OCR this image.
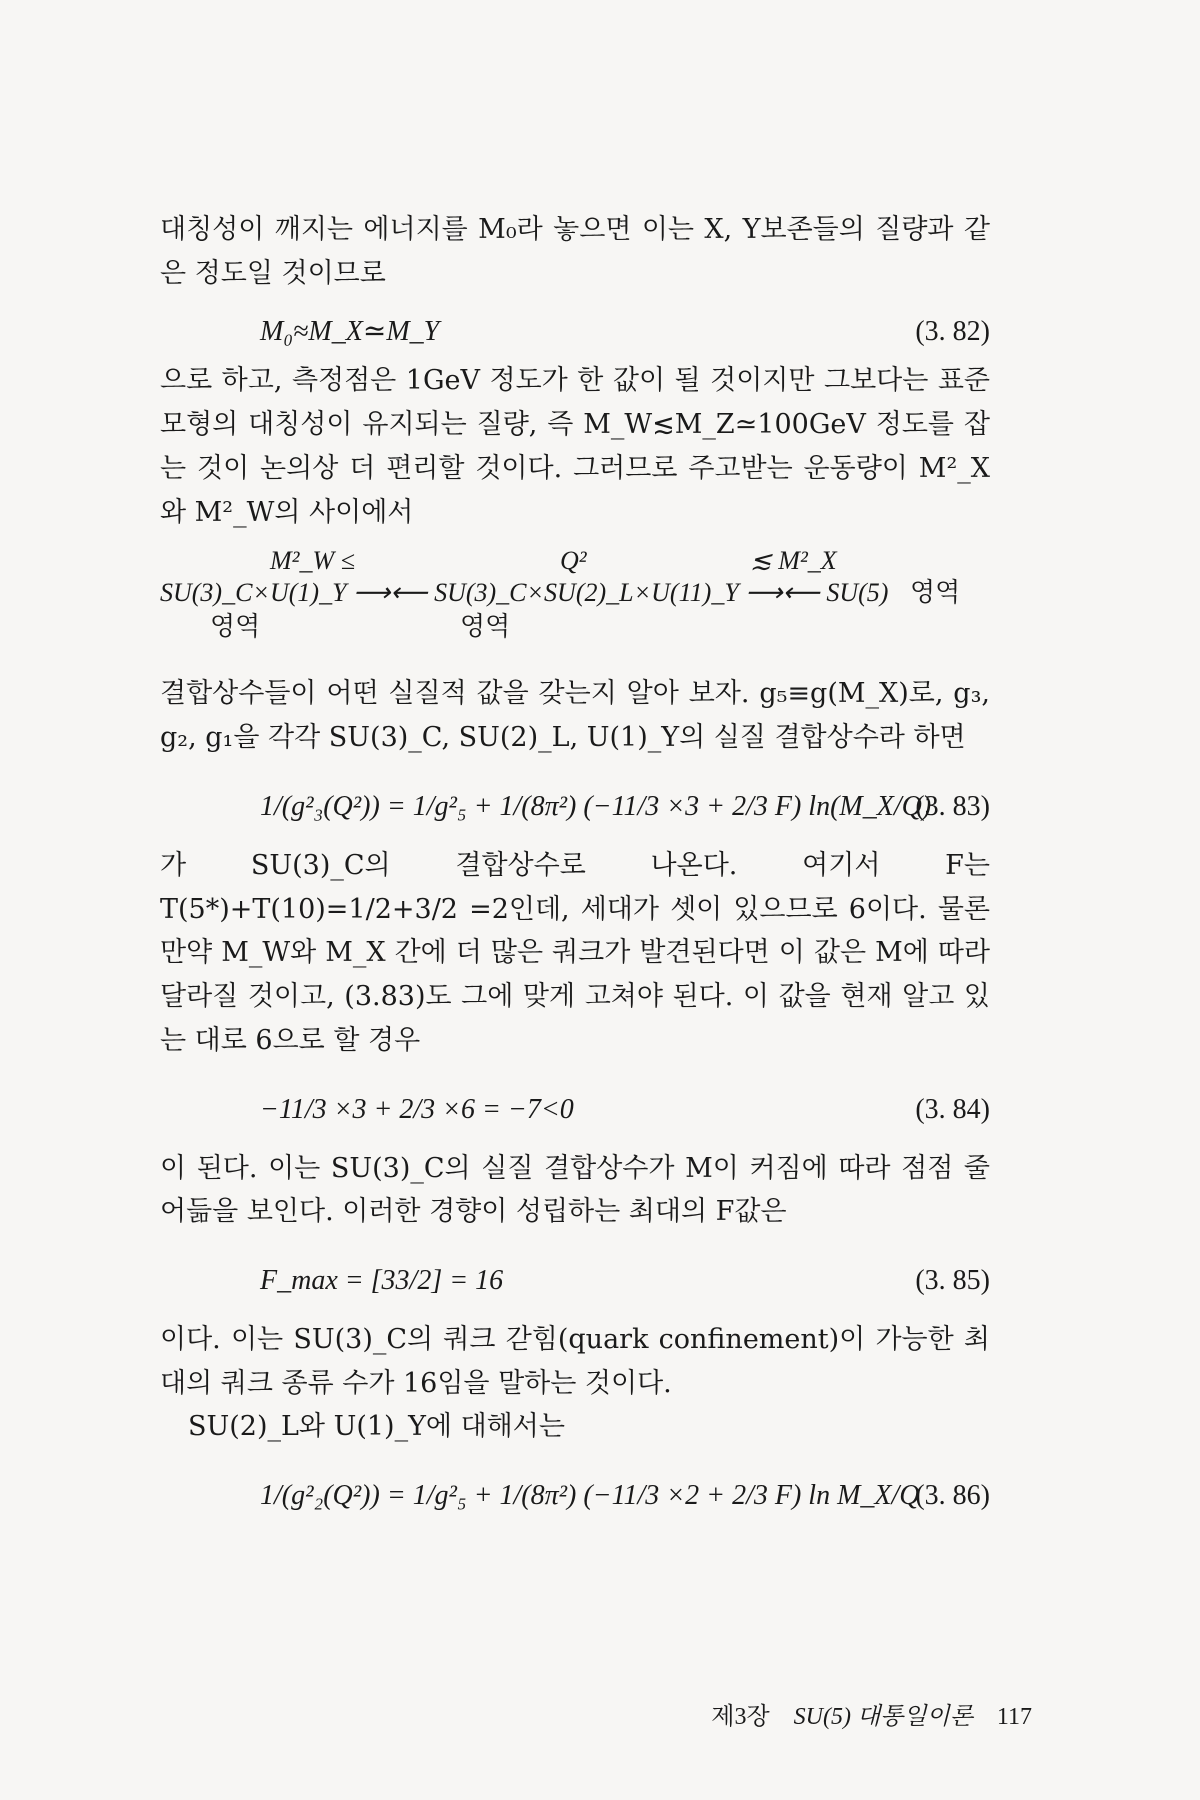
대칭성이 깨지는 에너지를 M₀라 놓으면 이는 X, Y보존들의 질량과 같은 정도일 것이므로

M₀≈M_X≃M_Y	(3. 82)

으로 하고, 측정점은 1GeV 정도가 한 값이 될 것이지만 그보다는 표준 모형의 대칭성이 유지되는 질량, 즉 M_W≲M_Z≃100GeV 정도를 잡는 것이 논의상 더 편리할 것이다. 그러므로 주고받는 운동량이 M²_X와 M²_W의 사이에서

M²_W ≤	Q²	≲ M²_X
SU(3)_C×U(1)_Y ⟶⟵ SU(3)_C×SU(2)_L×U(11)_Y ⟶⟵ SU(5) 영역
영역	영역

결합상수들이 어떤 실질적 값을 갖는지 알아 보자. g₅≡g(M_X)로, g₃, g₂, g₁을 각각 SU(3)_C, SU(2)_L, U(1)_Y의 실질 결합상수라 하면

1/(g²₃(Q²)) = 1/g²₅ + 1/(8π²) (−11/3 ×3 + 2/3 F) ln(M_X/Q)
(3. 83)

가 SU(3)_C의 결합상수로 나온다. 여기서 F는 T(5*)+T(10)=1/2+3/2 =2인데, 세대가 셋이 있으므로 6이다. 물론 만약 M_W와 M_X 간에 더 많은 쿼크가 발견된다면 이 값은 M에 따라 달라질 것이고, (3.83)도 그에 맞게 고쳐야 된다. 이 값을 현재 알고 있는 대로 6으로 할 경우

−11/3 ×3 + 2/3 ×6 = −7<0	(3. 84)

이 된다. 이는 SU(3)_C의 실질 결합상수가 M이 커짐에 따라 점점 줄어듦을 보인다. 이러한 경향이 성립하는 최대의 F값은

F_max = [33/2] = 16	(3. 85)

이다. 이는 SU(3)_C의 쿼크 갇힘(quark confinement)이 가능한 최대의 쿼크 종류 수가 16임을 말하는 것이다.

SU(2)_L와 U(1)_Y에 대해서는

1/(g²₂(Q²)) = 1/g²₅ + 1/(8π²) (−11/3 ×2 + 2/3 F) ln M_X/Q
(3. 86)
제3장 SU(5) 대통일이론 117
